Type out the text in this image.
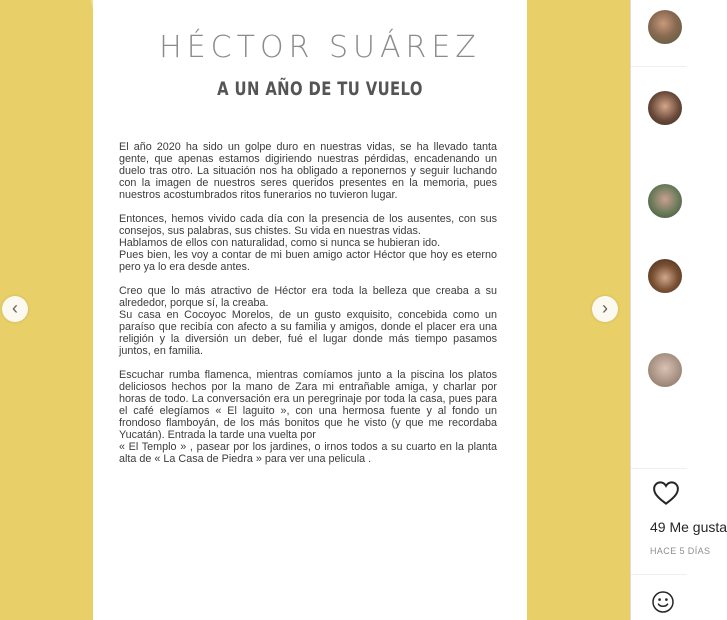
HÉCTOR SUÁREZ
A UN AÑO DE TU VUELO

El año 2020 ha sido un golpe duro en nuestras vidas, se ha llevado tanta gente, que apenas estamos digiriendo nuestras pérdidas, encadenando un duelo tras otro. La situación nos ha obligado a reponernos y seguir luchando con la imagen de nuestros seres queridos presentes en la memoria, pues nuestros acostumbrados ritos funerarios no tuvieron lugar.

Entonces, hemos vivido cada día con la presencia de los ausentes, con sus consejos, sus palabras, sus chistes. Su vida en nuestras vidas.
Hablamos de ellos con naturalidad, como si nunca se hubieran ido.
Pues bien, les voy a contar de mi buen amigo actor Héctor que hoy es eterno pero ya lo era desde antes.

Creo que lo más atractivo de Héctor era toda la belleza que creaba a su alrededor, porque sí, la creaba.
Su casa en Cocoyoc Morelos, de un gusto exquisito, concebida como un paraíso que recibía con afecto a su familia y amigos, donde el placer era una religión y la diversión un deber, fué el lugar donde más tiempo pasamos juntos, en familia.

Escuchar rumba flamenca, mientras comíamos junto a la piscina los platos deliciosos hechos por la mano de Zara mi entrañable amiga, y charlar por horas de todo. La conversación era un peregrinaje por toda la casa, pues para el café elegíamos « El laguito », con una hermosa fuente y al fondo un frondoso flamboyán, de los más bonitos que he visto (y que me recordaba Yucatán). Entrada la tarde una vuelta por
« El Templo » , pasear por los jardines, o irnos todos a su cuarto en la planta alta de « La Casa de Piedra » para ver una pelicula .

‹	›
49 Me gusta
HACE 5 DÍAS
